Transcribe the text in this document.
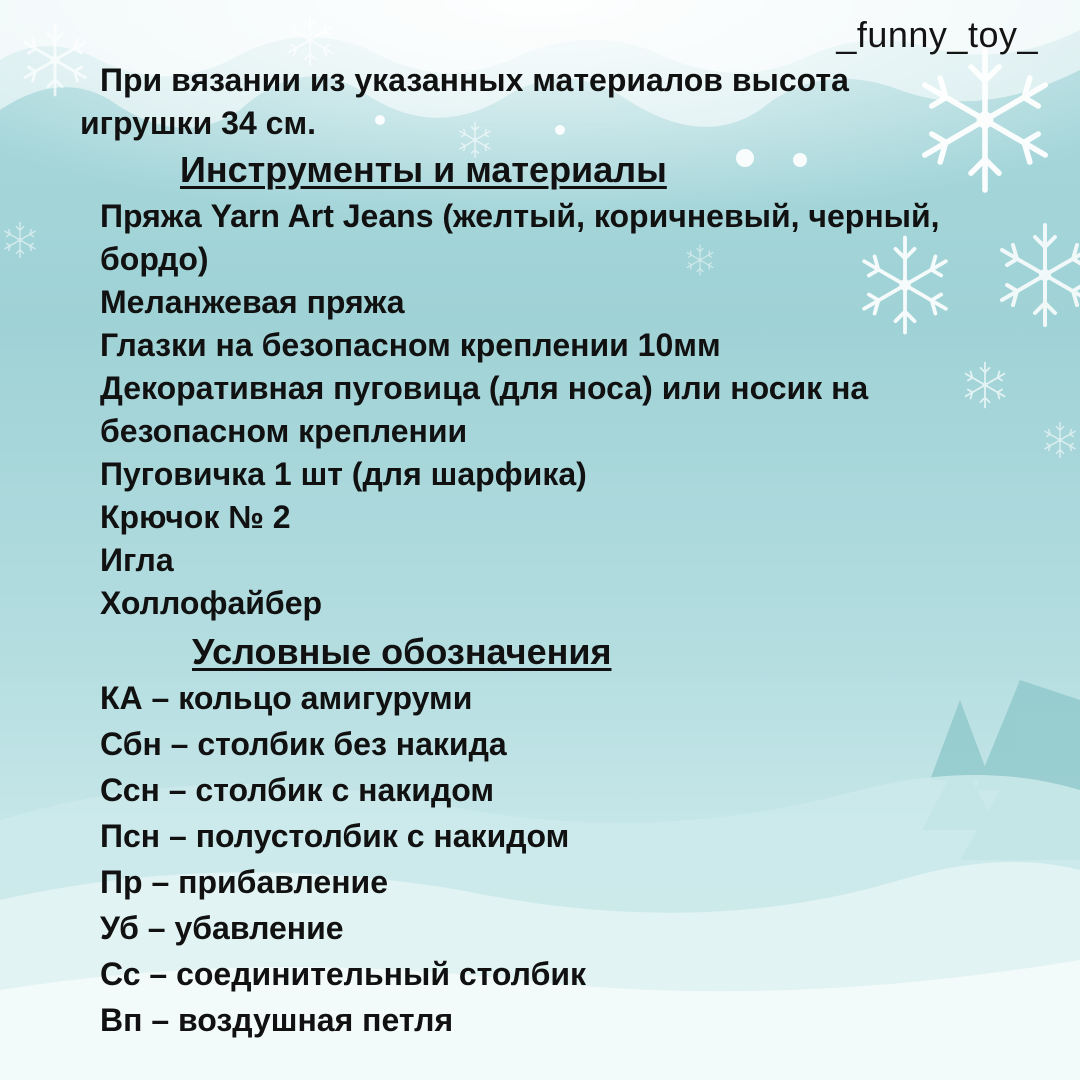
_funny_toy_
При вязании из указанных материалов высота
игрушки 34 см.
Инструменты и материалы
Пряжа Yarn Art Jeans (желтый, коричневый, черный,
бордо)
Меланжевая пряжа
Глазки на безопасном креплении 10мм
Декоративная пуговица (для носа) или носик на
безопасном креплении
Пуговичка 1 шт (для шарфика)
Крючок № 2
Игла
Холлофайбер
Условные обозначения
КА – кольцо амигуруми
Сбн – столбик без накида
Ссн – столбик с накидом
Псн – полустолбик с накидом
Пр – прибавление
Уб – убавление
Сс – соединительный столбик
Вп – воздушная петля
